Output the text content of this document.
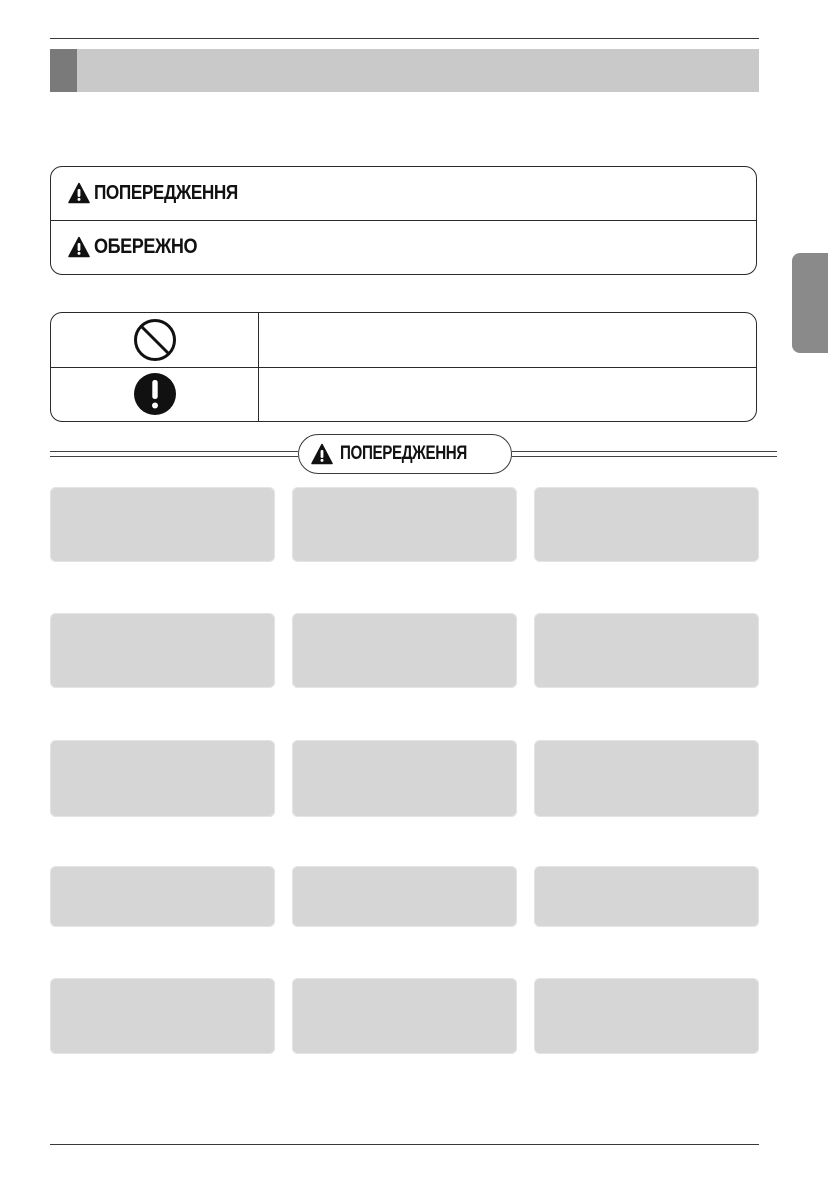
ПОПЕРЕДЖЕННЯ
ОБЕРЕЖНО
ПОПЕРЕДЖЕННЯ
